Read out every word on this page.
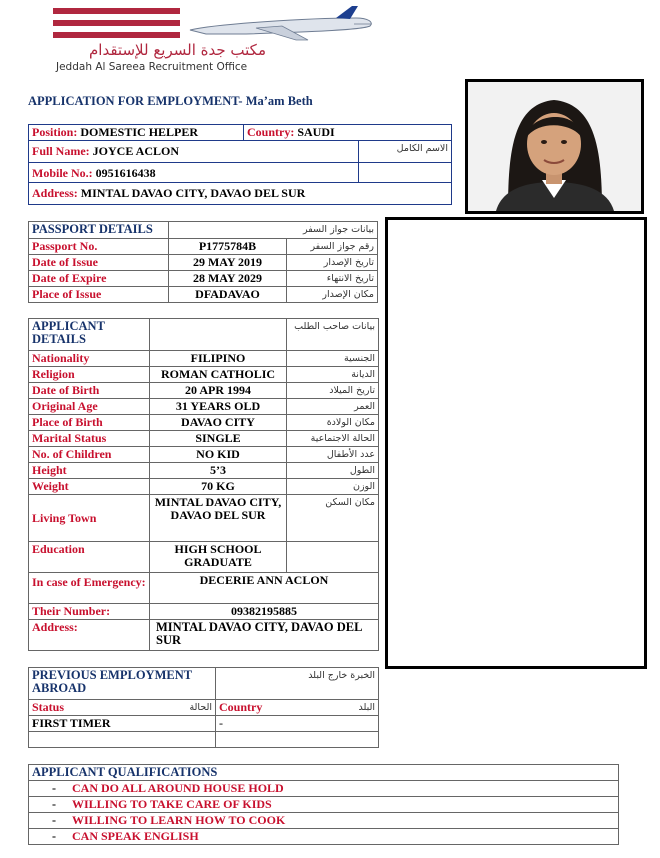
مكتب جدة السريع للإستقدام
Jeddah Al Sareea Recruitment Office
APPLICATION FOR EMPLOYMENT- Ma’am Beth
Position: DOMESTIC HELPER	Country: SAUDI	
Full Name: JOYCE ACLON		الاسم الكامل
Mobile No.: 0951616438		
Address: MINTAL DAVAO CITY, DAVAO DEL SUR		
PASSPORT DETAILS		بيانات جواز السفر
Passport No.	P1775784B	رقم جواز السفر
Date of Issue	29 MAY 2019	تاريخ الإصدار
Date of Expire	28 MAY 2029	تاريخ الانتهاء
Place of Issue	DFADAVAO	مكان الإصدار
APPLICANT DETAILS		بيانات صاحب الطلب
Nationality	FILIPINO	الجنسية
Religion	ROMAN CATHOLIC	الديانة
Date of Birth	20 APR 1994	تاريخ الميلاد
Original Age	31 YEARS OLD	العمر
Place of Birth	DAVAO CITY	مكان الولادة
Marital Status	SINGLE	الحالة الاجتماعية
No. of Children	NO KID	عدد الأطفال
Height	5’3	الطول
Weight	70 KG	الوزن
Living Town	MINTAL DAVAO CITY, DAVAO DEL SUR	مكان السكن
Education	HIGH SCHOOL GRADUATE	
In case of Emergency:	DECERIE ANN ACLON	
Their Number:	09382195885	
Address:	MINTAL DAVAO CITY, DAVAO DEL SUR	
PREVIOUS EMPLOYMENT ABROAD	الخبرة خارج البلد
Status الحالة	Country البلد

FIRST TIMER	-

APPLICANT QUALIFICATIONS
- CAN DO ALL AROUND HOUSE HOLD
- WILLING TO TAKE CARE OF KIDS
- WILLING TO LEARN HOW TO COOK
- CAN SPEAK ENGLISH
